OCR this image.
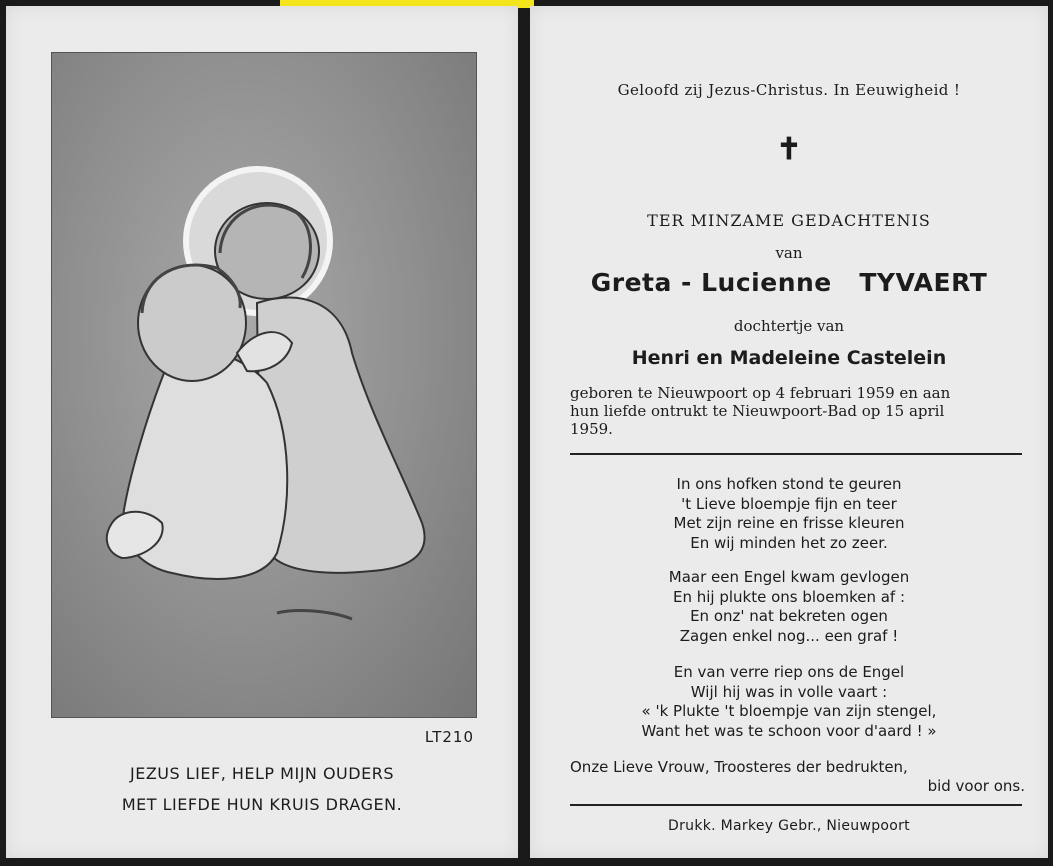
LT210
JEZUS LIEF, HELP MIJN OUDERS
MET LIEFDE HUN KRUIS DRAGEN.
Geloofd zij Jezus-Christus. In Eeuwigheid !
✝
TER MINZAME GEDACHTENIS
van
Greta - Lucienne   TYVAERT
dochtertje van
Henri en Madeleine Castelein
geboren te Nieuwpoort op 4 februari 1959 en aan
hun liefde ontrukt te Nieuwpoort-Bad op 15 april
1959.
In ons hofken stond te geuren
't Lieve bloempje fijn en teer
Met zijn reine en frisse kleuren
En wij minden het zo zeer.
Maar een Engel kwam gevlogen
En hij plukte ons bloemken af :
En onz' nat bekreten ogen
Zagen enkel nog... een graf !
En van verre riep ons de Engel
Wijl hij was in volle vaart :
« 'k Plukte 't bloempje van zijn stengel,
Want het was te schoon voor d'aard ! »
Onze Lieve Vrouw, Troosteres der bedrukten,
bid voor ons.
Drukk. Markey Gebr., Nieuwpoort
